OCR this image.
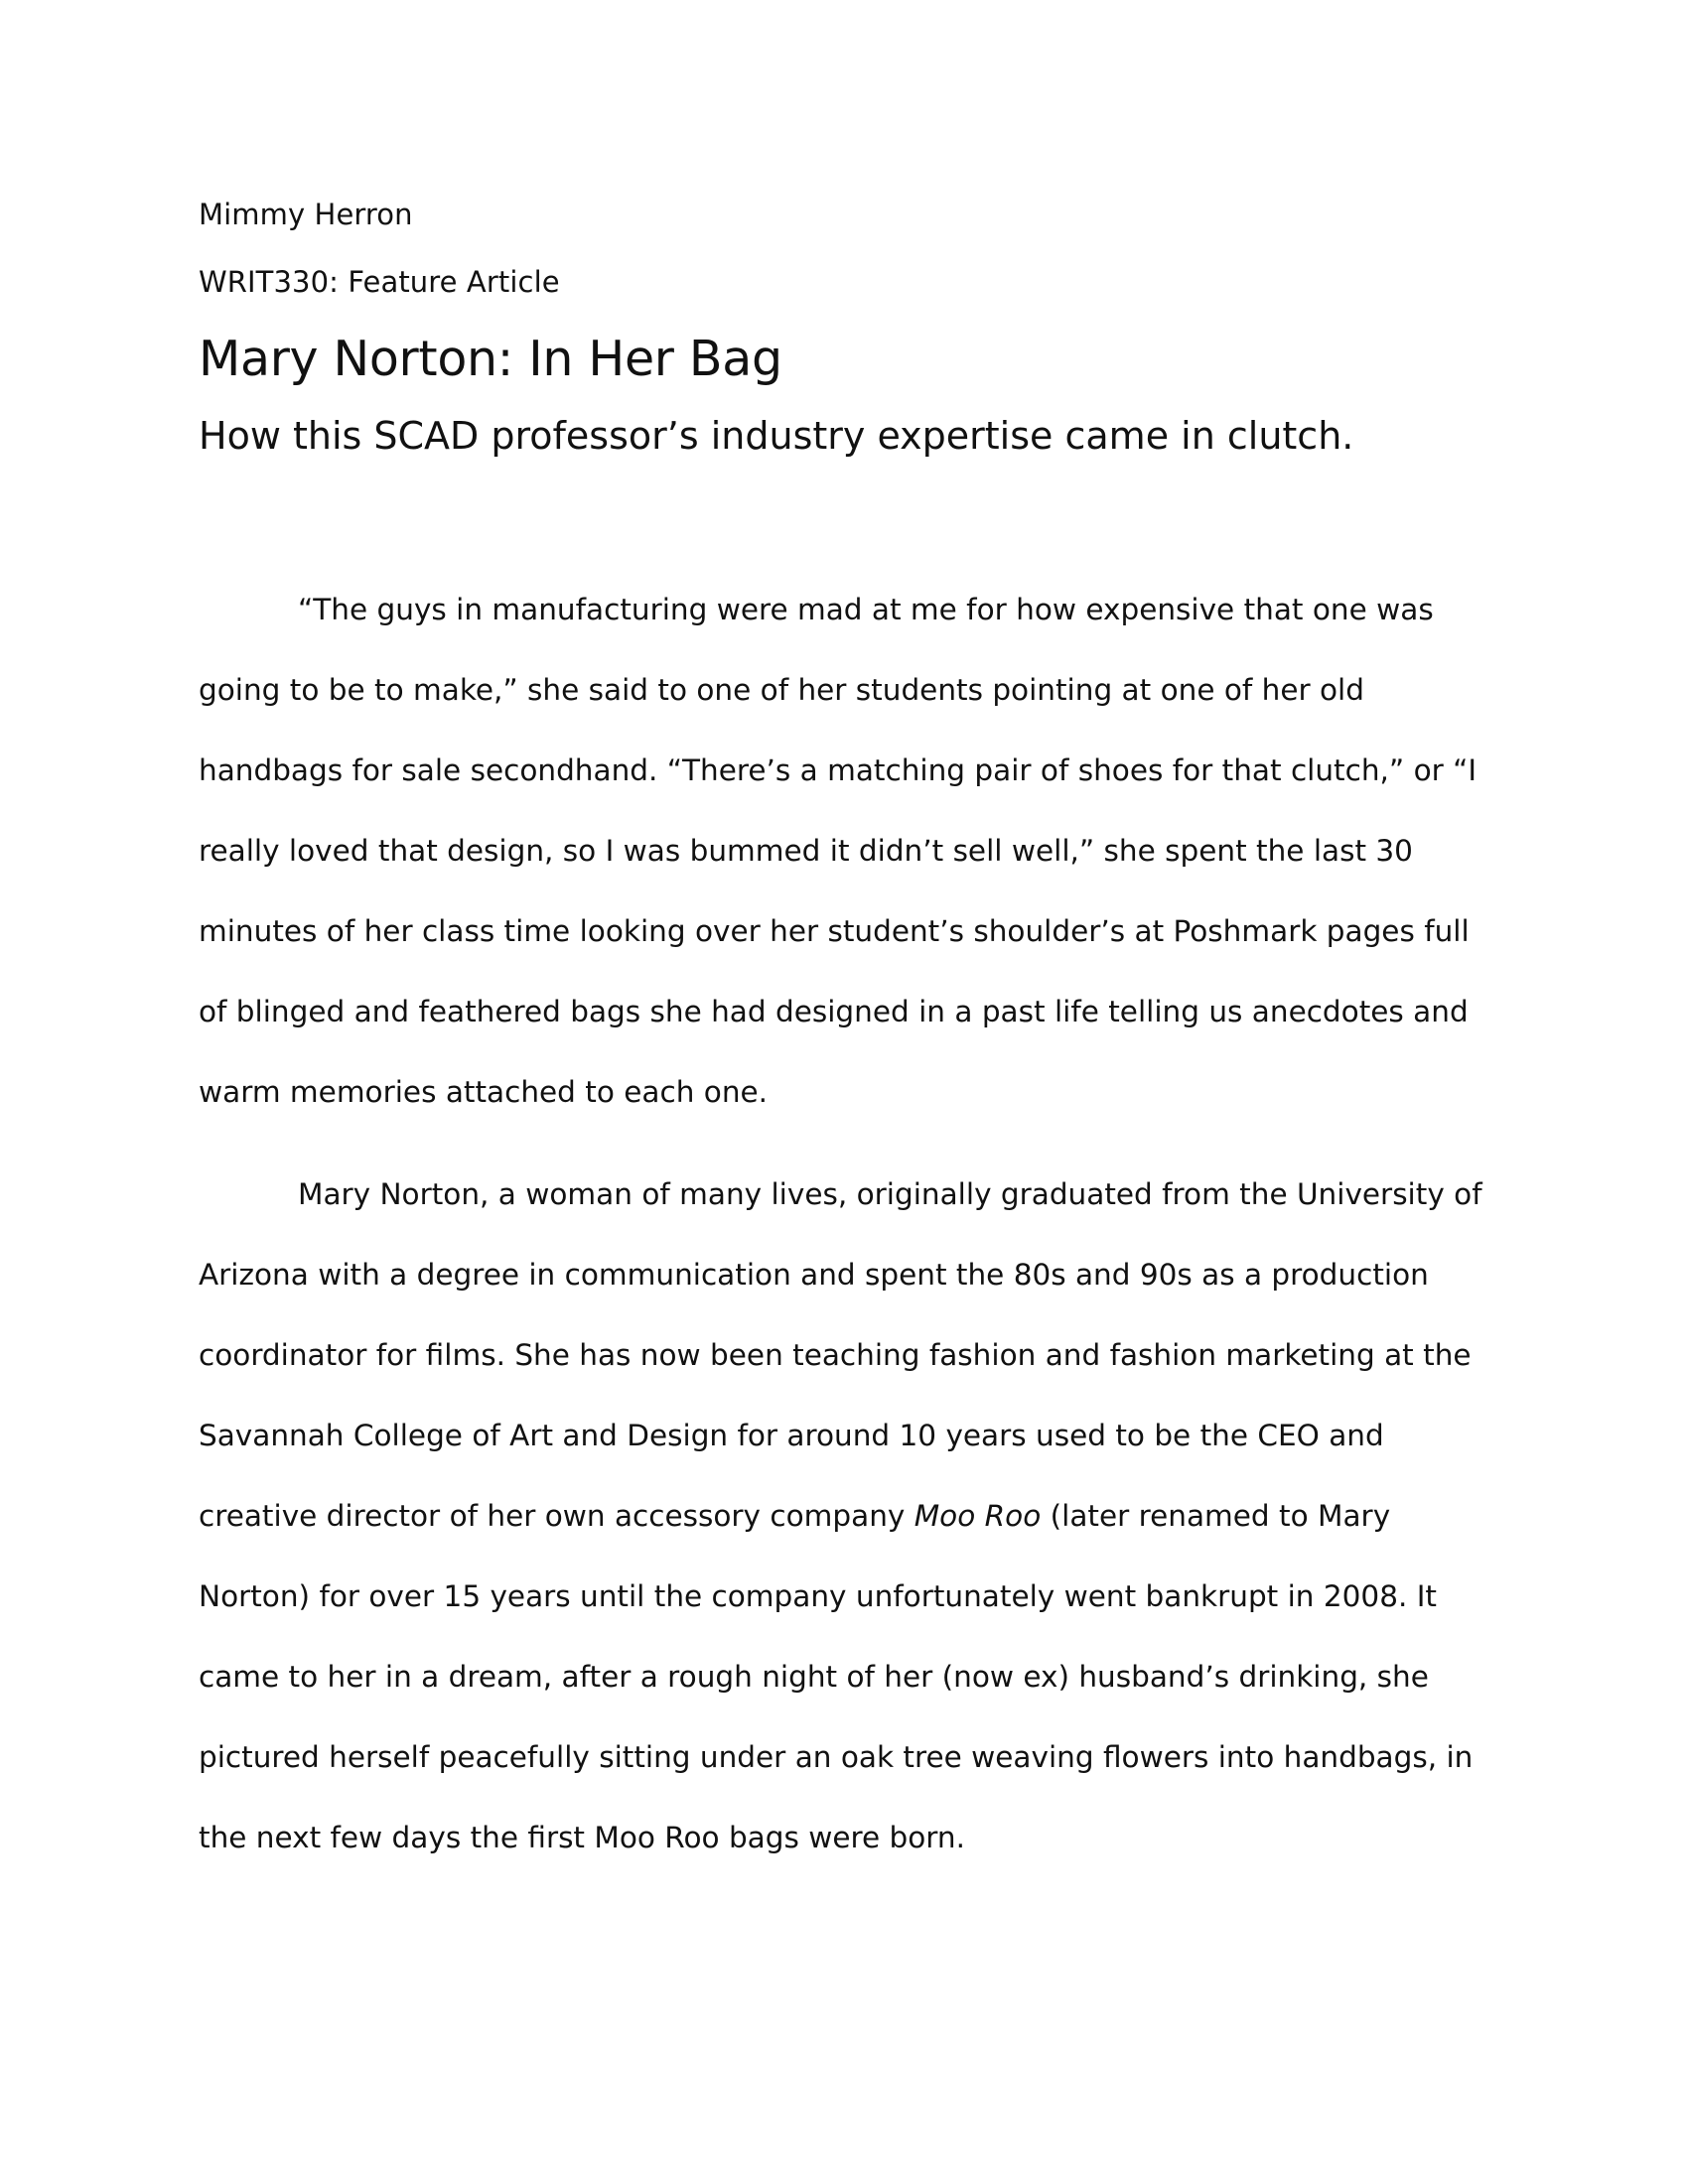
Mimmy Herron
WRIT330: Feature Article
Mary Norton: In Her Bag
How this SCAD professor’s industry expertise came in clutch.

“The guys in manufacturing were mad at me for how expensive that one was going to be to make,” she said to one of her students pointing at one of her old handbags for sale secondhand. “There’s a matching pair of shoes for that clutch,” or “I really loved that design, so I was bummed it didn’t sell well,” she spent the last 30 minutes of her class time looking over her student’s shoulder’s at Poshmark pages full of blinged and feathered bags she had designed in a past life telling us anecdotes and warm memories attached to each one.

Mary Norton, a woman of many lives, originally graduated from the University of Arizona with a degree in communication and spent the 80s and 90s as a production coordinator for films. She has now been teaching fashion and fashion marketing at the Savannah College of Art and Design for around 10 years used to be the CEO and creative director of her own accessory company Moo Roo (later renamed to Mary Norton) for over 15 years until the company unfortunately went bankrupt in 2008. It came to her in a dream, after a rough night of her (now ex) husband’s drinking, she pictured herself peacefully sitting under an oak tree weaving flowers into handbags, in the next few days the first Moo Roo bags were born.
